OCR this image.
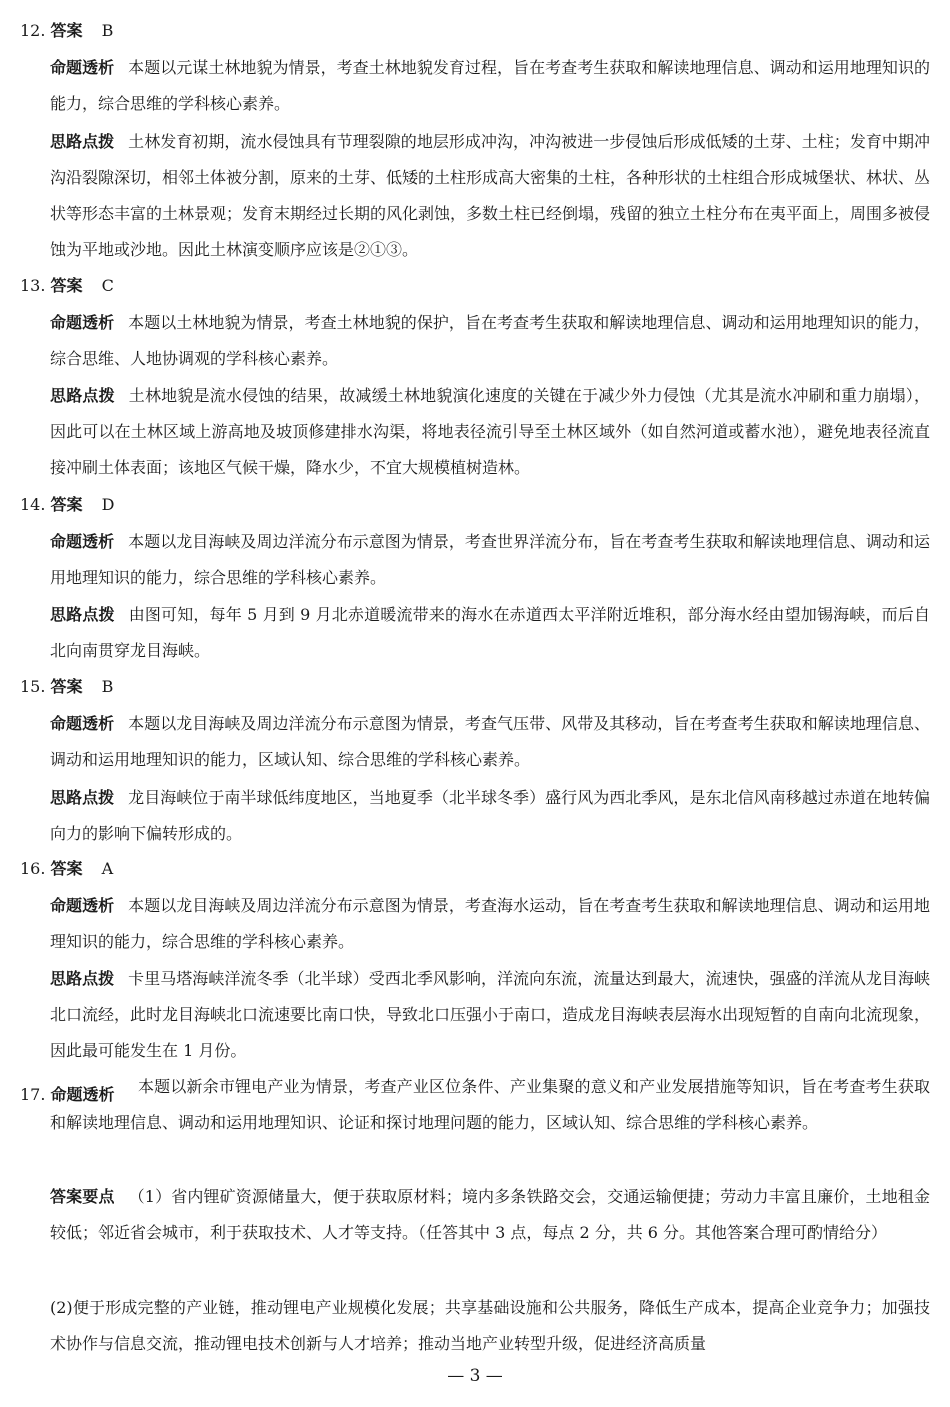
12. 答案 B
命题透析 本题以元谋土林地貌为情景，考查土林地貌发育过程，旨在考查考生获取和解读地理信息、调动和运用地理知识的能力，综合思维的学科核心素养。
思路点拨 土林发育初期，流水侵蚀具有节理裂隙的地层形成冲沟，冲沟被进一步侵蚀后形成低矮的土芽、土柱；发育中期冲沟沿裂隙深切，相邻土体被分割，原来的土芽、低矮的土柱形成高大密集的土柱，各种形状的土柱组合形成城堡状、林状、丛状等形态丰富的土林景观；发育末期经过长期的风化剥蚀，多数土柱已经倒塌，残留的独立土柱分布在夷平面上，周围多被侵蚀为平地或沙地。因此土林演变顺序应该是②①③。
13. 答案 C
命题透析 本题以土林地貌为情景，考查土林地貌的保护，旨在考查考生获取和解读地理信息、调动和运用地理知识的能力，综合思维、人地协调观的学科核心素养。
思路点拨 土林地貌是流水侵蚀的结果，故减缓土林地貌演化速度的关键在于减少外力侵蚀（尤其是流水冲刷和重力崩塌），因此可以在土林区域上游高地及坡顶修建排水沟渠，将地表径流引导至土林区域外（如自然河道或蓄水池），避免地表径流直接冲刷土体表面；该地区气候干燥，降水少，不宜大规模植树造林。
14. 答案 D
命题透析 本题以龙目海峡及周边洋流分布示意图为情景，考查世界洋流分布，旨在考查考生获取和解读地理信息、调动和运用地理知识的能力，综合思维的学科核心素养。
思路点拨 由图可知，每年 5 月到 9 月北赤道暖流带来的海水在赤道西太平洋附近堆积，部分海水经由望加锡海峡，而后自北向南贯穿龙目海峡。
15. 答案 B
命题透析 本题以龙目海峡及周边洋流分布示意图为情景，考查气压带、风带及其移动，旨在考查考生获取和解读地理信息、调动和运用地理知识的能力，区域认知、综合思维的学科核心素养。
思路点拨 龙目海峡位于南半球低纬度地区，当地夏季（北半球冬季）盛行风为西北季风，是东北信风南移越过赤道在地转偏向力的影响下偏转形成的。
16. 答案 A
命题透析 本题以龙目海峡及周边洋流分布示意图为情景，考查海水运动，旨在考查考生获取和解读地理信息、调动和运用地理知识的能力，综合思维的学科核心素养。
思路点拨 卡里马塔海峡洋流冬季（北半球）受西北季风影响，洋流向东流，流量达到最大，流速快，强盛的洋流从龙目海峡北口流经，此时龙目海峡北口流速要比南口快，导致北口压强小于南口，造成龙目海峡表层海水出现短暂的自南向北流现象，因此最可能发生在 1 月份。
17. 命题透析	本题以新余市锂电产业为情景，考查产业区位条件、产业集聚的意义和产业发展措施等知识，旨在考查考生获取和解读地理信息、调动和运用地理知识、论证和探讨地理问题的能力，区域认知、综合思维的学科核心素养。
答案要点 （1）省内锂矿资源储量大，便于获取原材料；境内多条铁路交会，交通运输便捷；劳动力丰富且廉价，土地租金较低；邻近省会城市，利于获取技术、人才等支持。（任答其中 3 点，每点 2 分，共 6 分。其他答案合理可酌情给分）
(2)便于形成完整的产业链，推动锂电产业规模化发展；共享基础设施和公共服务，降低生产成本，提高企业竞争力；加强技术协作与信息交流，推动锂电技术创新与人才培养；推动当地产业转型升级，促进经济高质量
— 3 —
